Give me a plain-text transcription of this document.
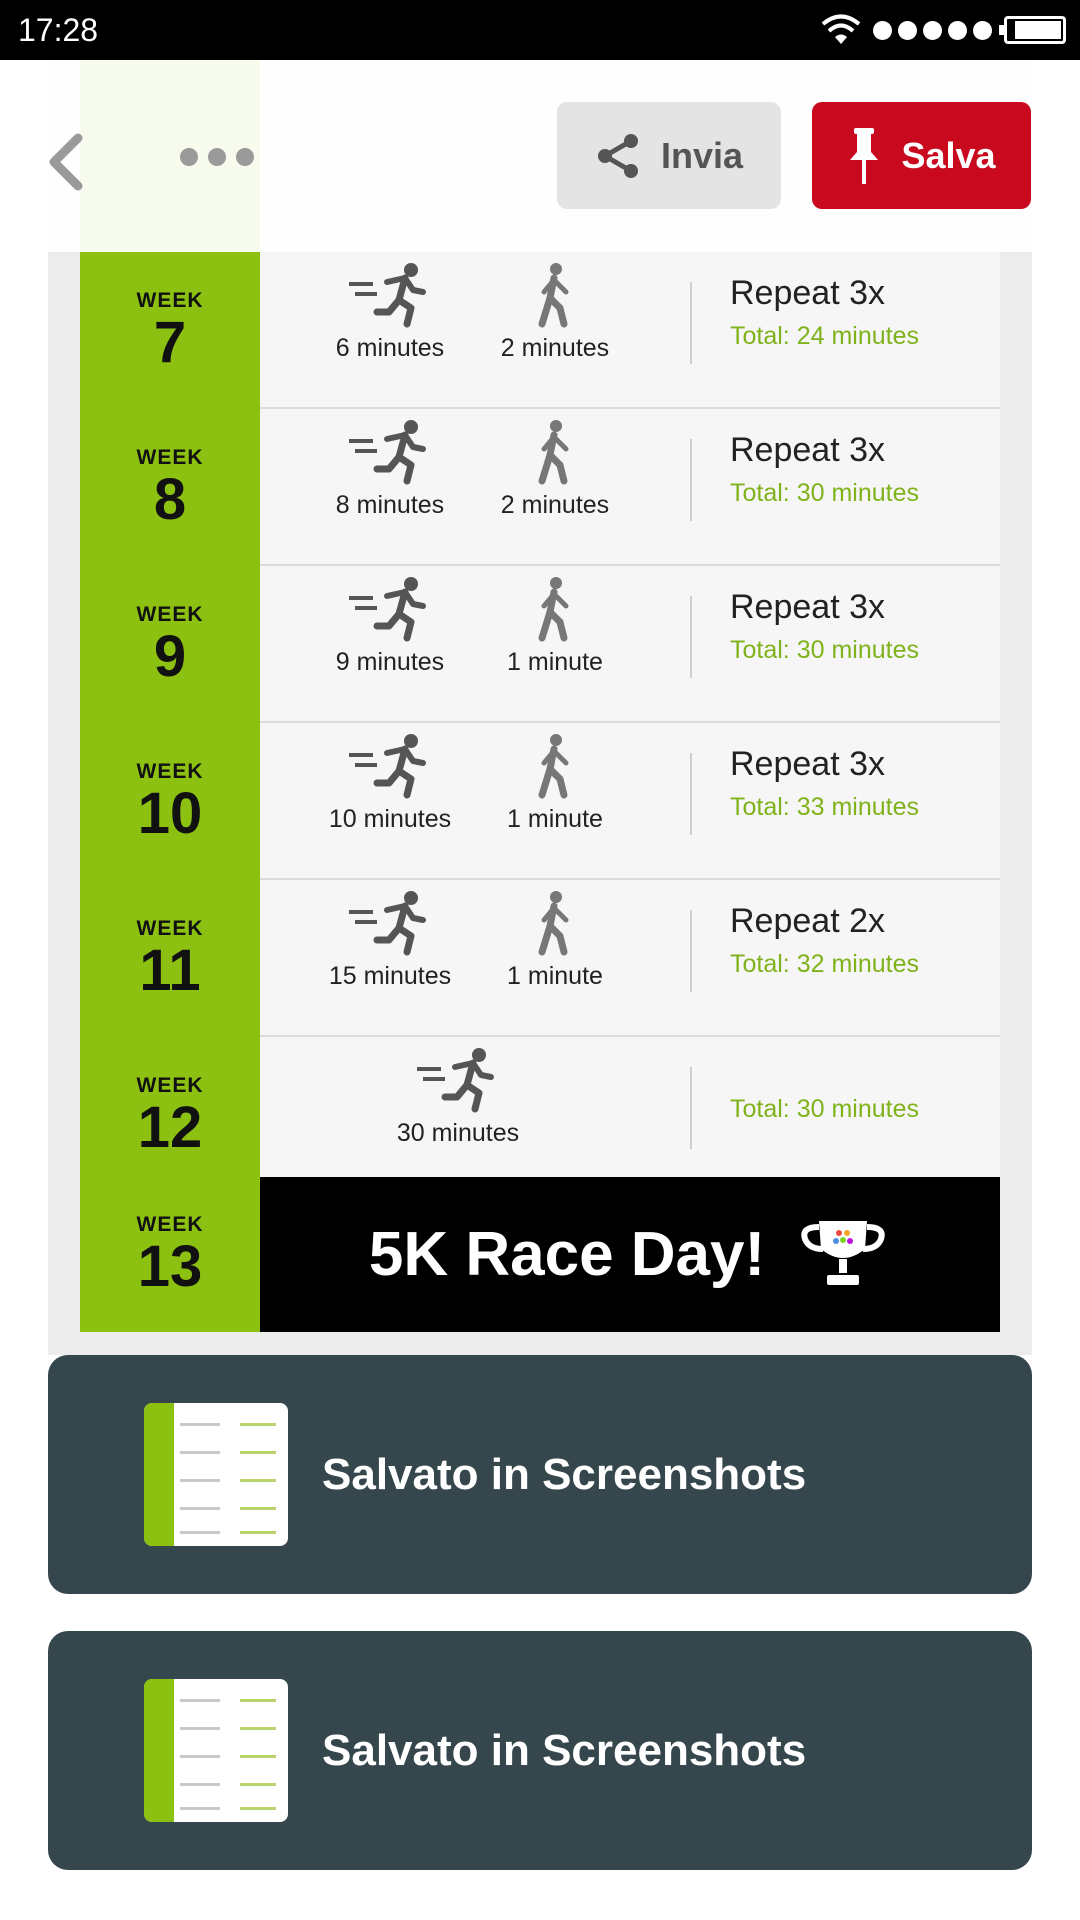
17:28
WEEK
7	6 minutes	2 minutes
Repeat 3x
Total: 24 minutes
WEEK
8	8 minutes	2 minutes
Repeat 3x
Total: 30 minutes
WEEK
9	9 minutes	1 minute
Repeat 3x
Total: 30 minutes
WEEK
10	10 minutes	1 minute
Repeat 3x
Total: 33 minutes
WEEK
11	15 minutes	1 minute
Repeat 2x
Total: 32 minutes
WEEK
12	30 minutes
Total: 30 minutes
WEEK
13	5K Race Day!
Invia	Salva
Salvato in Screenshots
Salvato in Screenshots
